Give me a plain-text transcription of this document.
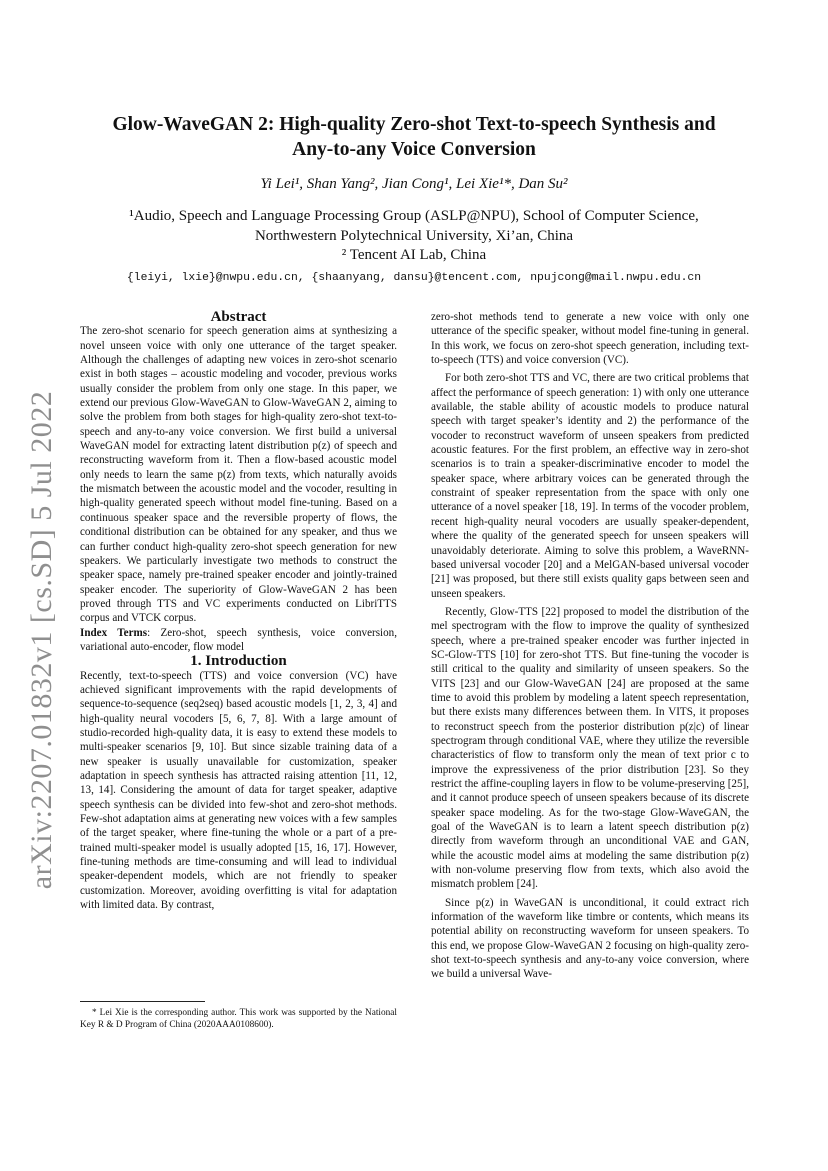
arXiv:2207.01832v1 [cs.SD] 5 Jul 2022
Glow-WaveGAN 2: High-quality Zero-shot Text-to-speech Synthesis and
Any-to-any Voice Conversion
Yi Lei¹, Shan Yang², Jian Cong¹, Lei Xie¹*, Dan Su²

¹Audio, Speech and Language Processing Group (ASLP@NPU), School of Computer Science,

Northwestern Polytechnical University, Xi’an, China

² Tencent AI Lab, China

{leiyi, lxie}@nwpu.edu.cn, {shaanyang, dansu}@tencent.com, npujcong@mail.nwpu.edu.cn

Abstract

The zero-shot scenario for speech generation aims at synthesizing a novel unseen voice with only one utterance of the target speaker. Although the challenges of adapting new voices in zero-shot scenario exist in both stages – acoustic modeling and vocoder, previous works usually consider the problem from only one stage. In this paper, we extend our previous Glow-WaveGAN to Glow-WaveGAN 2, aiming to solve the problem from both stages for high-quality zero-shot text-to-speech and any-to-any voice conversion. We first build a universal WaveGAN model for extracting latent distribution p(z) of speech and reconstructing waveform from it. Then a flow-based acoustic model only needs to learn the same p(z) from texts, which naturally avoids the mismatch between the acoustic model and the vocoder, resulting in high-quality generated speech without model fine-tuning. Based on a continuous speaker space and the reversible property of flows, the conditional distribution can be obtained for any speaker, and thus we can further conduct high-quality zero-shot speech generation for new speakers. We particularly investigate two methods to construct the speaker space, namely pre-trained speaker encoder and jointly-trained speaker encoder. The superiority of Glow-WaveGAN 2 has been proved through TTS and VC experiments conducted on LibriTTS corpus and VTCK corpus.

Index Terms: Zero-shot, speech synthesis, voice conversion, variational auto-encoder, flow model

1. Introduction

Recently, text-to-speech (TTS) and voice conversion (VC) have achieved significant improvements with the rapid developments of sequence-to-sequence (seq2seq) based acoustic models [1, 2, 3, 4] and high-quality neural vocoders [5, 6, 7, 8]. With a large amount of studio-recorded high-quality data, it is easy to extend these models to multi-speaker scenarios [9, 10]. But since sizable training data of a new speaker is usually unavailable for customization, speaker adaptation in speech synthesis has attracted raising attention [11, 12, 13, 14]. Considering the amount of data for target speaker, adaptive speech synthesis can be divided into few-shot and zero-shot methods. Few-shot adaptation aims at generating new voices with a few samples of the target speaker, where fine-tuning the whole or a part of a pre-trained multi-speaker model is usually adopted [15, 16, 17]. However, fine-tuning methods are time-consuming and will lead to individual speaker-dependent models, which are not friendly to speaker customization. Moreover, avoiding overfitting is vital for adaptation with limited data. By contrast,

* Lei Xie is the corresponding author. This work was supported by the National Key R & D Program of China (2020AAA0108600).

zero-shot methods tend to generate a new voice with only one utterance of the specific speaker, without model fine-tuning in general. In this work, we focus on zero-shot speech generation, including text-to-speech (TTS) and voice conversion (VC).

For both zero-shot TTS and VC, there are two critical problems that affect the performance of speech generation: 1) with only one utterance available, the stable ability of acoustic models to produce natural speech with target speaker’s identity and 2) the performance of the vocoder to reconstruct waveform of unseen speakers from predicted acoustic features. For the first problem, an effective way in zero-shot scenarios is to train a speaker-discriminative encoder to model the speaker space, where arbitrary voices can be generated through the constraint of speaker representation from the space with only one utterance of a novel speaker [18, 19]. In terms of the vocoder problem, recent high-quality neural vocoders are usually speaker-dependent, where the quality of the generated speech for unseen speakers will unavoidably deteriorate. Aiming to solve this problem, a WaveRNN-based universal vocoder [20] and a MelGAN-based universal vocoder [21] was proposed, but there still exists quality gaps between seen and unseen speakers.

Recently, Glow-TTS [22] proposed to model the distribution of the mel spectrogram with the flow to improve the quality of synthesized speech, where a pre-trained speaker encoder was further injected in SC-Glow-TTS [10] for zero-shot TTS. But fine-tuning the vocoder is still critical to the quality and similarity of unseen speakers. So the VITS [23] and our Glow-WaveGAN [24] are proposed at the same time to avoid this problem by modeling a latent speech representation, but there exists many differences between them. In VITS, it proposes to reconstruct speech from the posterior distribution p(z|c) of linear spectrogram through conditional VAE, where they utilize the reversible characteristics of flow to transform only the mean of text prior c to improve the expressiveness of the prior distribution [23]. So they restrict the affine-coupling layers in flow to be volume-preserving [25], and it cannot produce speech of unseen speakers because of its discrete speaker space modeling. As for the two-stage Glow-WaveGAN, the goal of the WaveGAN is to learn a latent speech distribution p(z) directly from waveform through an unconditional VAE and GAN, while the acoustic model aims at modeling the same distribution p(z) with non-volume preserving flow from texts, which also avoid the mismatch problem [24].

Since p(z) in WaveGAN is unconditional, it could extract rich information of the waveform like timbre or contents, which means its potential ability on reconstructing waveform for unseen speakers. To this end, we propose Glow-WaveGAN 2 focusing on high-quality zero-shot text-to-speech synthesis and any-to-any voice conversion, where we build a universal Wave-
